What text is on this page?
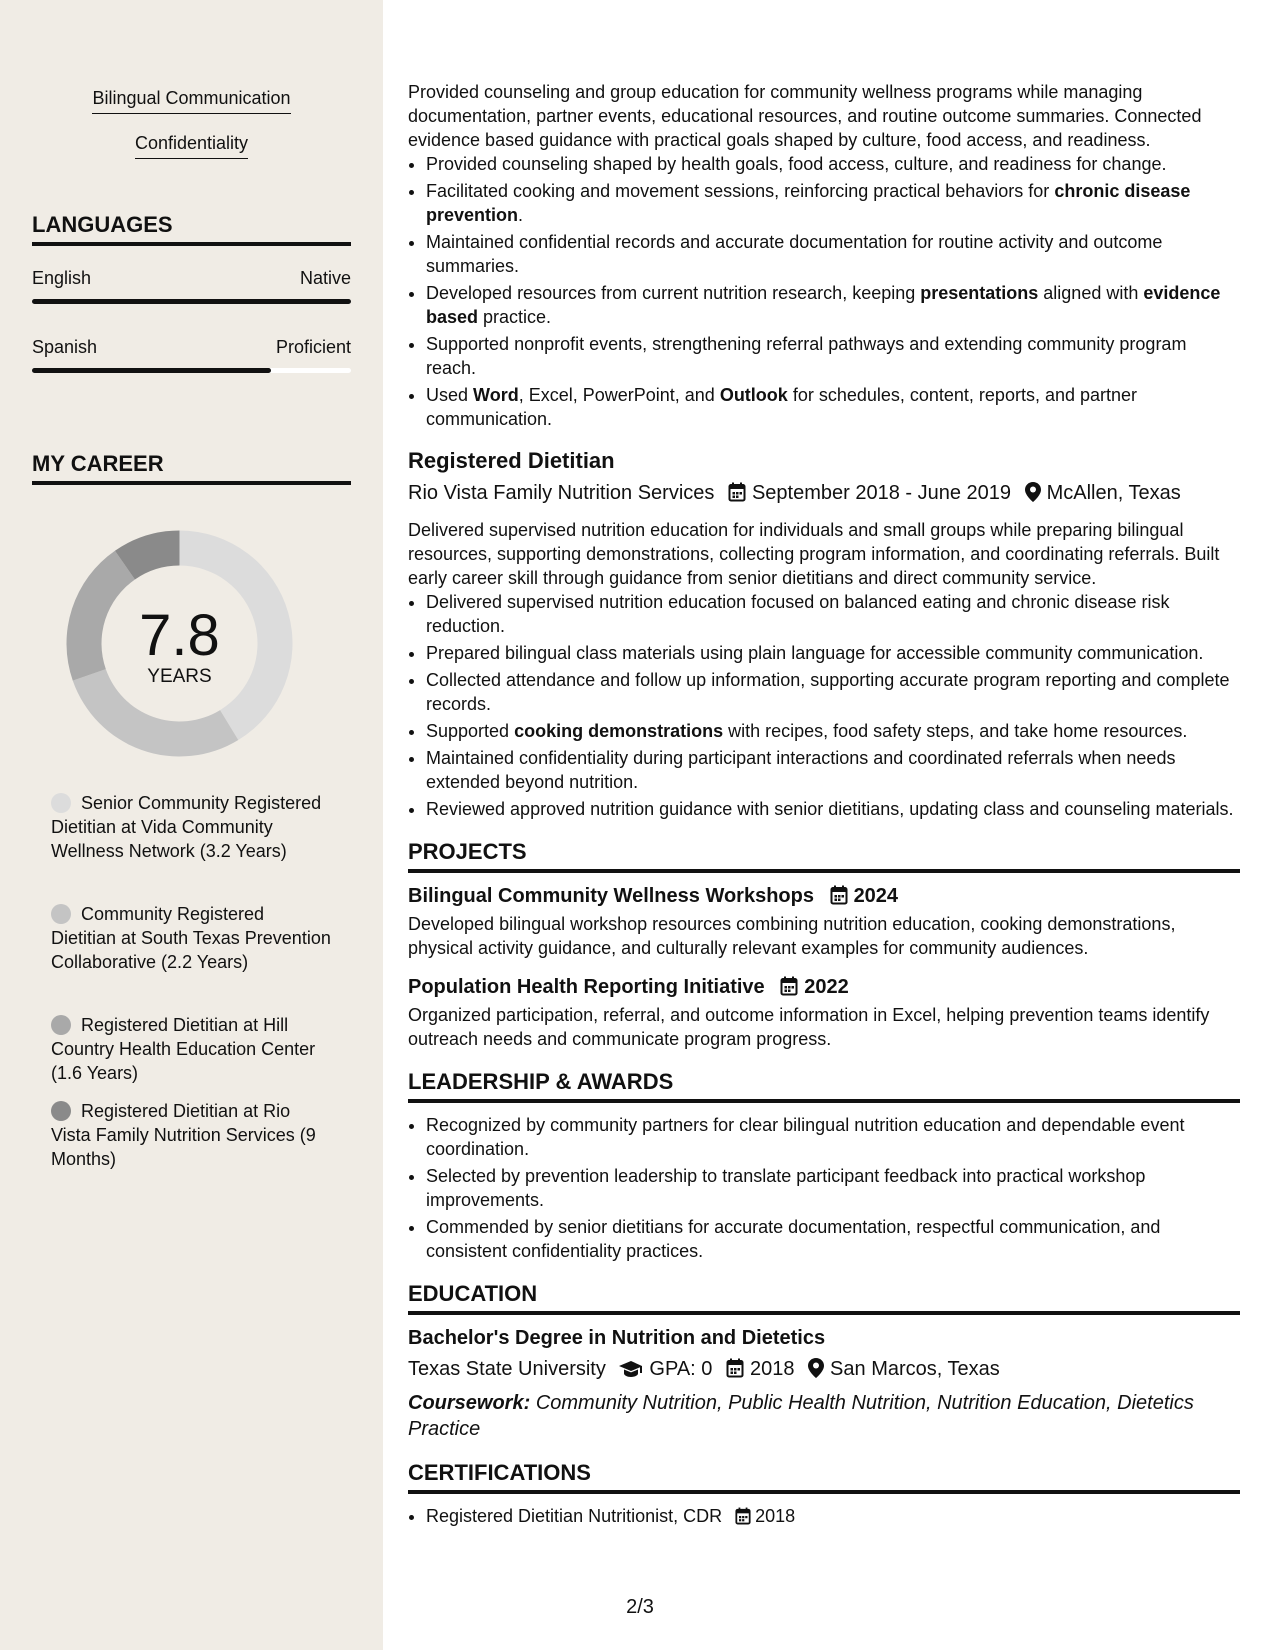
Bilingual Communication
Confidentiality
LANGUAGES
English	Native
Spanish	Proficient
MY CAREER
7.8
YEARS
Senior Community Registered Dietitian at Vida Community Wellness Network (3.2 Years)
Community Registered Dietitian at South Texas Prevention Collaborative (2.2 Years)
Registered Dietitian at Hill Country Health Education Center (1.6 Years)
Registered Dietitian at Rio Vista Family Nutrition Services (9 Months)

Provided counseling and group education for community wellness programs while managing documentation, partner events, educational resources, and routine outcome summaries. Connected evidence based guidance with practical goals shaped by culture, food access, and readiness.

• Provided counseling shaped by health goals, food access, culture, and readiness for change.
• Facilitated cooking and movement sessions, reinforcing practical behaviors for chronic disease prevention.
• Maintained confidential records and accurate documentation for routine activity and outcome summaries.
• Developed resources from current nutrition research, keeping presentations aligned with evidence based practice.
• Supported nonprofit events, strengthening referral pathways and extending community program reach.
• Used Word, Excel, PowerPoint, and Outlook for schedules, content, reports, and partner communication.
Registered Dietitian
Rio Vista Family Nutrition Services September 2018 - June 2019 McAllen, Texas

Delivered supervised nutrition education for individuals and small groups while preparing bilingual resources, supporting demonstrations, collecting program information, and coordinating referrals. Built early career skill through guidance from senior dietitians and direct community service.

• Delivered supervised nutrition education focused on balanced eating and chronic disease risk reduction.
• Prepared bilingual class materials using plain language for accessible community communication.
• Collected attendance and follow up information, supporting accurate program reporting and complete records.
• Supported cooking demonstrations with recipes, food safety steps, and take home resources.
• Maintained confidentiality during participant interactions and coordinated referrals when needs extended beyond nutrition.
• Reviewed approved nutrition guidance with senior dietitians, updating class and counseling materials.
PROJECTS
Bilingual Community Wellness Workshops 2024

Developed bilingual workshop resources combining nutrition education, cooking demonstrations, physical activity guidance, and culturally relevant examples for community audiences.

Population Health Reporting Initiative 2022

Organized participation, referral, and outcome information in Excel, helping prevention teams identify outreach needs and communicate program progress.

LEADERSHIP & AWARDS
• Recognized by community partners for clear bilingual nutrition education and dependable event coordination.
• Selected by prevention leadership to translate participant feedback into practical workshop improvements.
• Commended by senior dietitians for accurate documentation, respectful communication, and consistent confidentiality practices.
EDUCATION
Bachelor's Degree in Nutrition and Dietetics
Texas State University GPA: 0 2018 San Marcos, Texas
Coursework: Community Nutrition, Public Health Nutrition, Nutrition Education, Dietetics Practice
CERTIFICATIONS
• Registered Dietitian Nutritionist, CDR 2018
2/3
